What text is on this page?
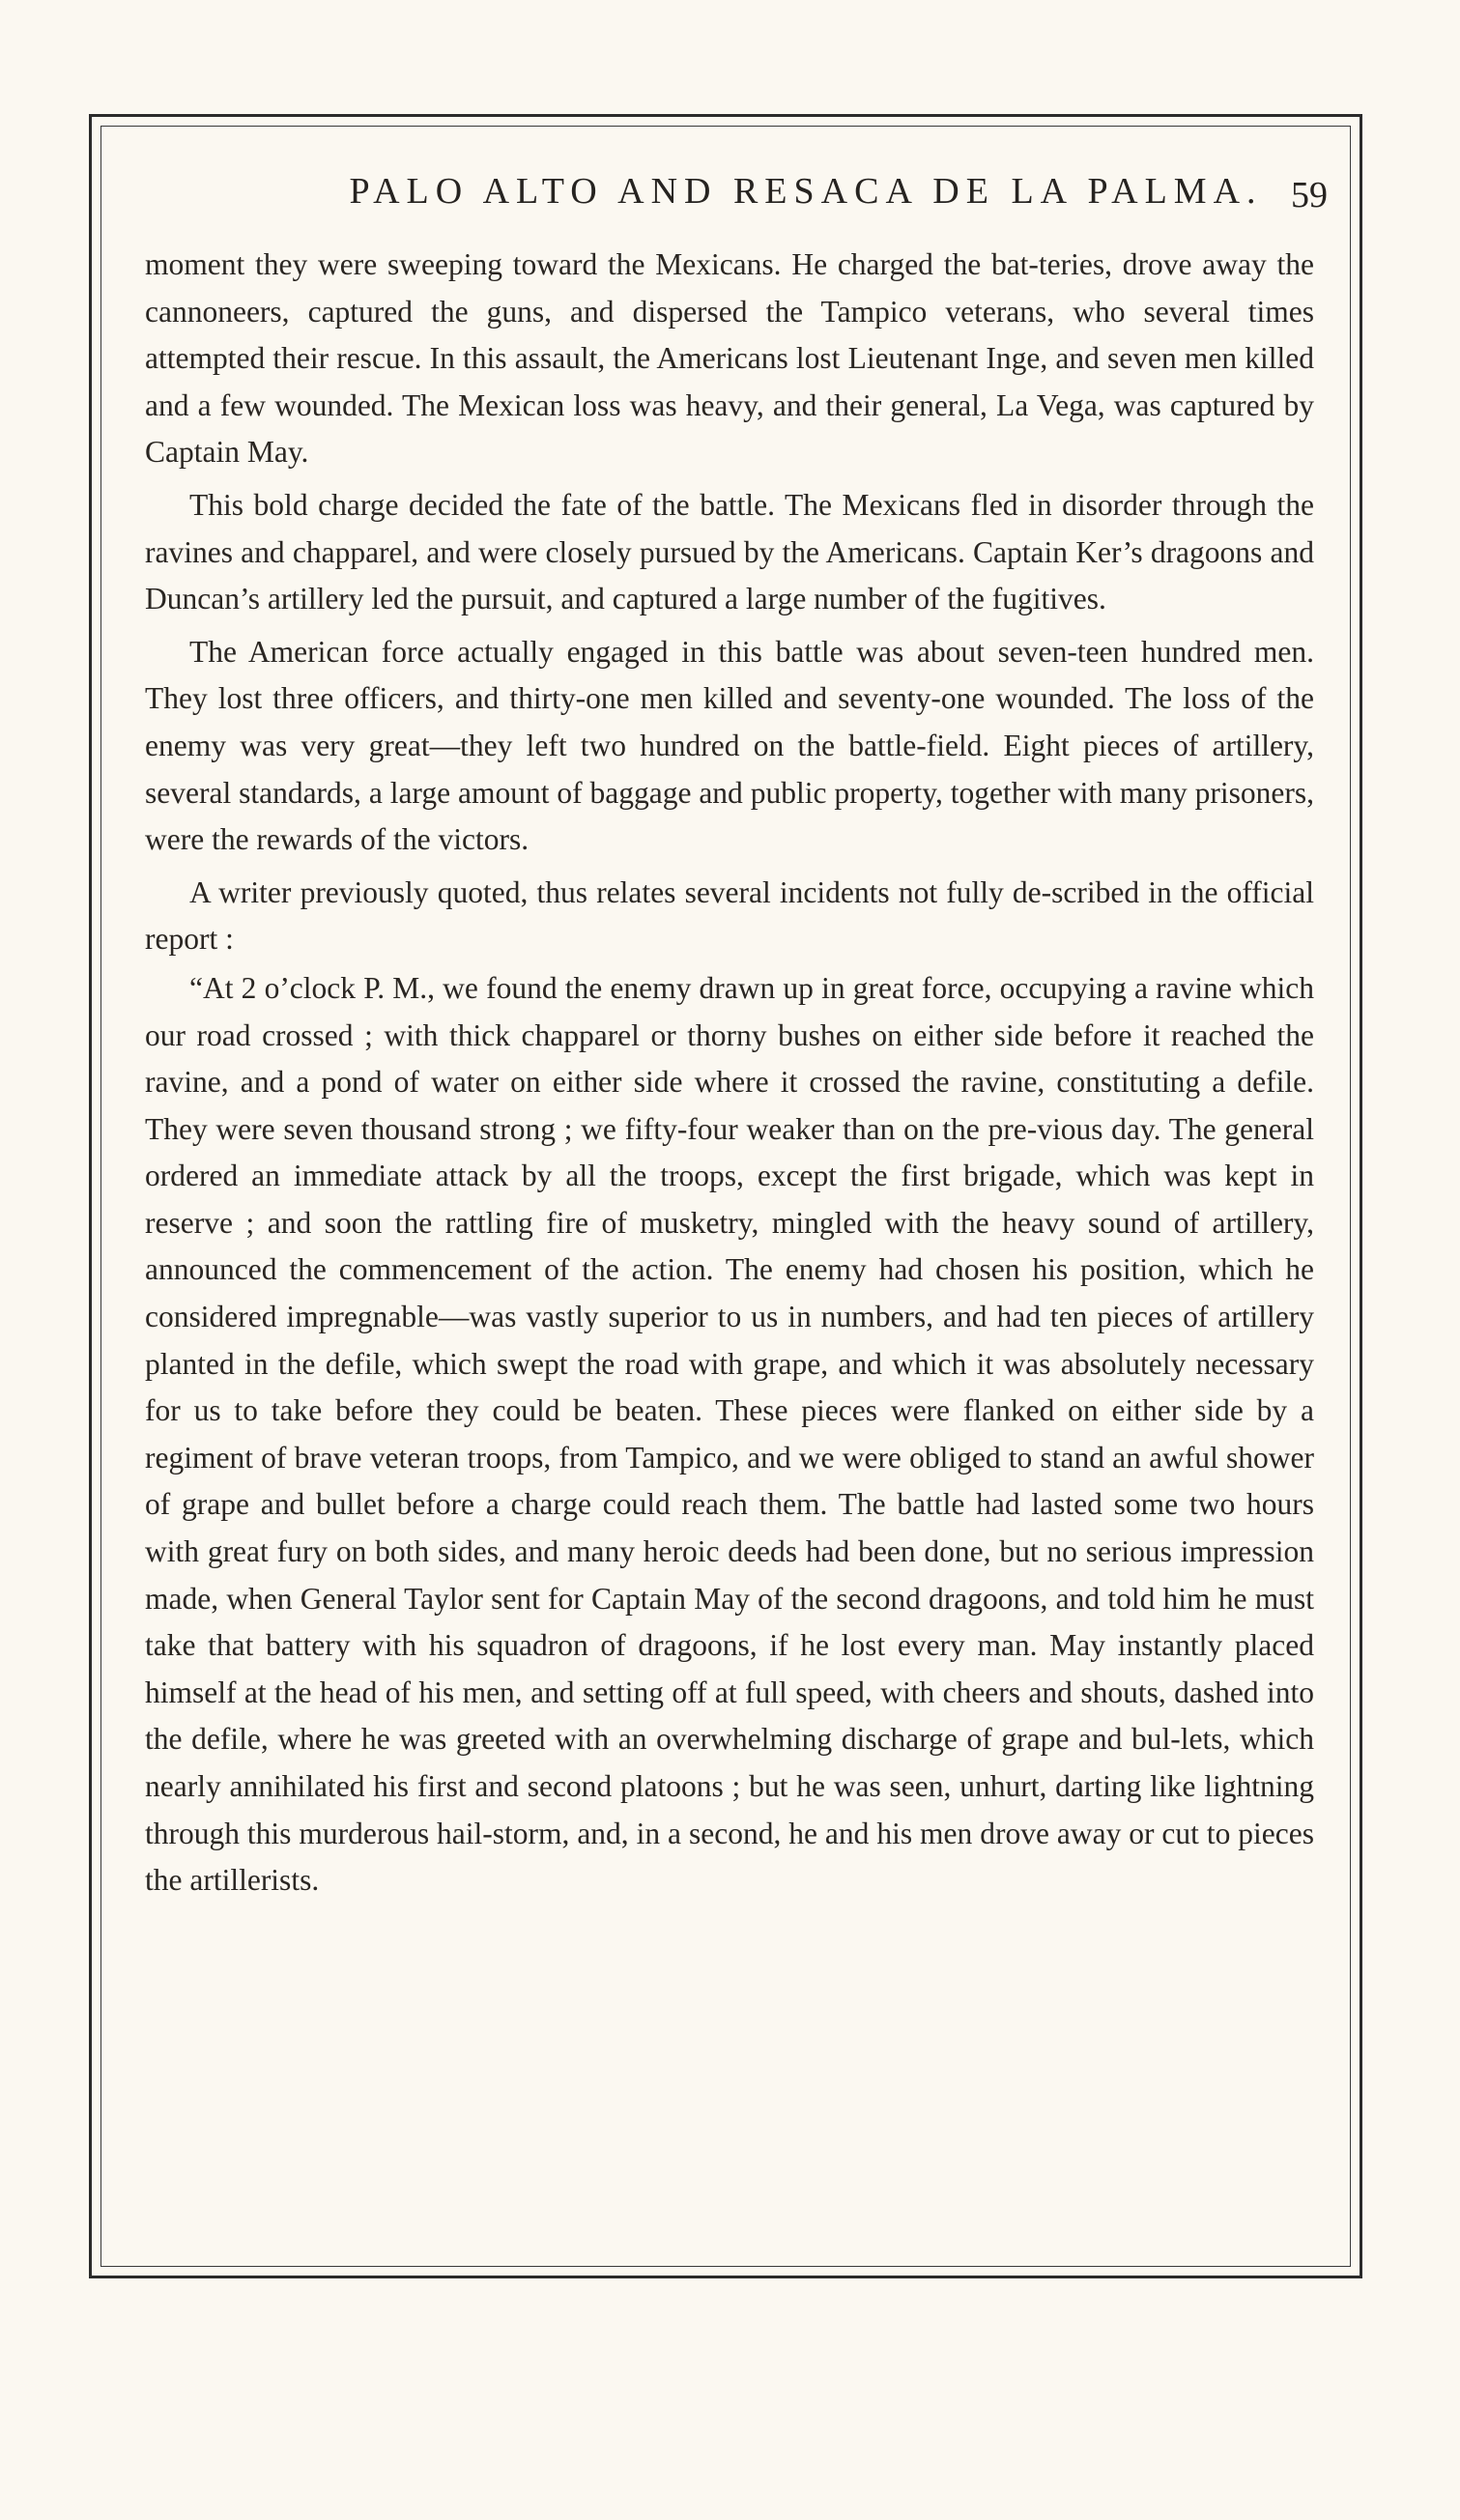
PALO ALTO AND RESACA DE LA PALMA. 59

moment they were sweeping toward the Mexicans. He charged the bat-teries, drove away the cannoneers, captured the guns, and dispersed the Tampico veterans, who several times attempted their rescue. In this assault, the Americans lost Lieutenant Inge, and seven men killed and a few wounded. The Mexican loss was heavy, and their general, La Vega, was captured by Captain May.

This bold charge decided the fate of the battle. The Mexicans fled in disorder through the ravines and chapparel, and were closely pursued by the Americans. Captain Ker’s dragoons and Duncan’s artillery led the pursuit, and captured a large number of the fugitives.

The American force actually engaged in this battle was about seven-teen hundred men. They lost three officers, and thirty-one men killed and seventy-one wounded. The loss of the enemy was very great—they left two hundred on the battle-field. Eight pieces of artillery, several standards, a large amount of baggage and public property, together with many prisoners, were the rewards of the victors.

A writer previously quoted, thus relates several incidents not fully de-scribed in the official report :

“At 2 o’clock P. M., we found the enemy drawn up in great force, occupying a ravine which our road crossed ; with thick chapparel or thorny bushes on either side before it reached the ravine, and a pond of water on either side where it crossed the ravine, constituting a defile. They were seven thousand strong ; we fifty-four weaker than on the pre-vious day. The general ordered an immediate attack by all the troops, except the first brigade, which was kept in reserve ; and soon the rattling fire of musketry, mingled with the heavy sound of artillery, announced the commencement of the action. The enemy had chosen his position, which he considered impregnable—was vastly superior to us in numbers, and had ten pieces of artillery planted in the defile, which swept the road with grape, and which it was absolutely necessary for us to take before they could be beaten. These pieces were flanked on either side by a regiment of brave veteran troops, from Tampico, and we were obliged to stand an awful shower of grape and bullet before a charge could reach them. The battle had lasted some two hours with great fury on both sides, and many heroic deeds had been done, but no serious impression made, when General Taylor sent for Captain May of the second dragoons, and told him he must take that battery with his squadron of dragoons, if he lost every man. May instantly placed himself at the head of his men, and setting off at full speed, with cheers and shouts, dashed into the defile, where he was greeted with an overwhelming discharge of grape and bul-lets, which nearly annihilated his first and second platoons ; but he was seen, unhurt, darting like lightning through this murderous hail-storm, and, in a second, he and his men drove away or cut to pieces the artillerists.
